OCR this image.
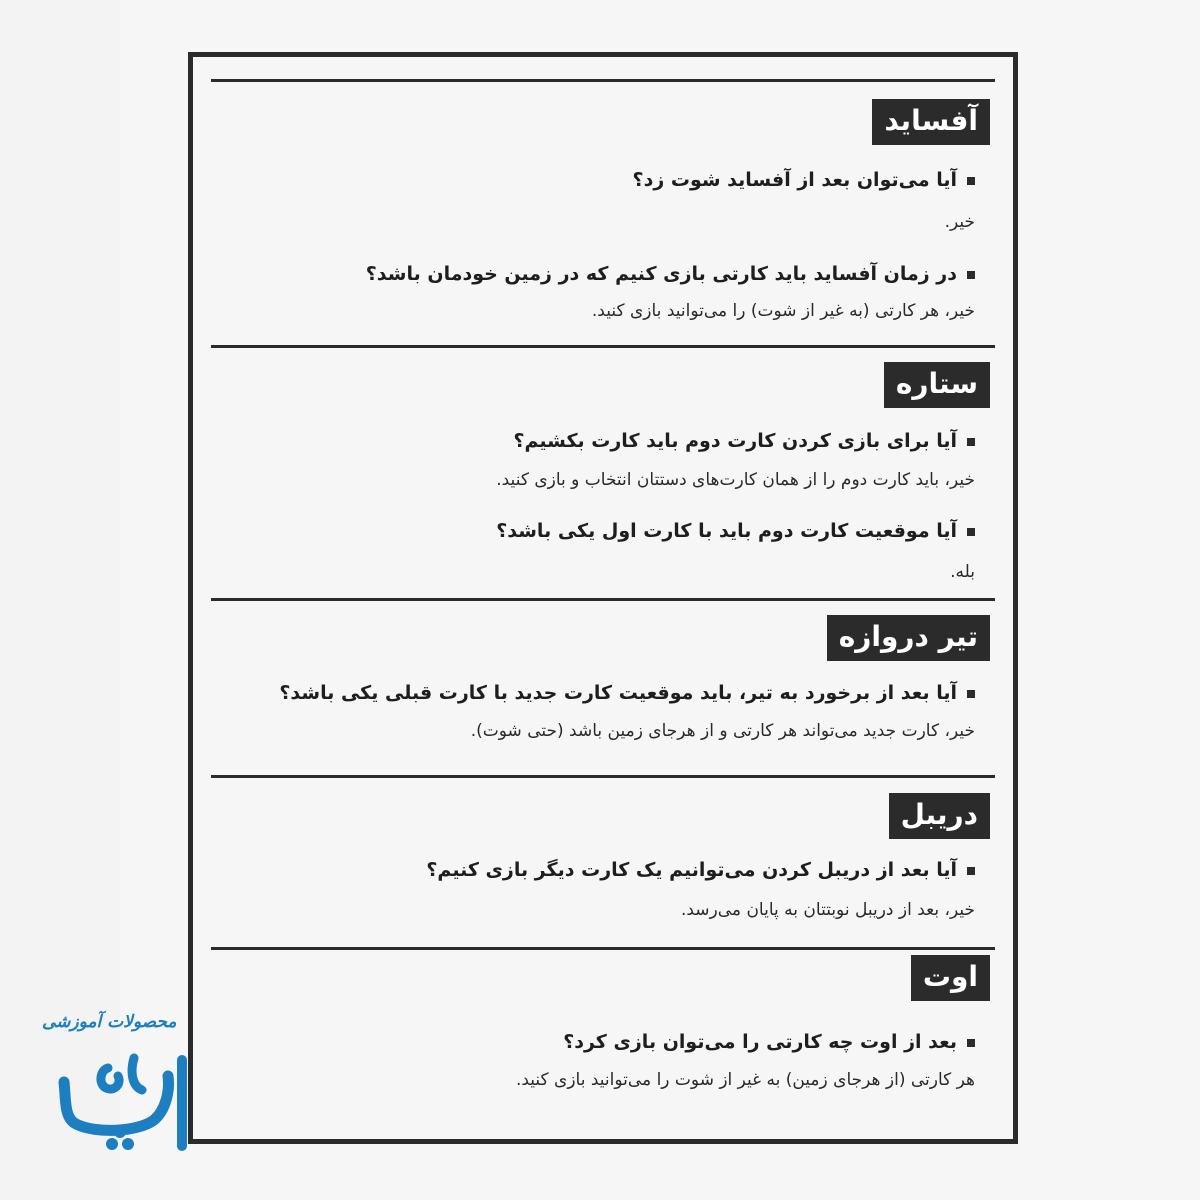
آفساید
آیا می‌توان بعد از آفساید شوت زد؟
خیر.
در زمان آفساید باید کارتی بازی کنیم که در زمین خودمان باشد؟
خیر، هر کارتی (به غیر از شوت) را می‌توانید بازی کنید.
ستاره
آیا برای بازی کردن کارت دوم باید کارت بکشیم؟
خیر، باید کارت دوم را از همان کارت‌های دستتان انتخاب و بازی کنید.
آیا موقعیت کارت دوم باید با کارت اول یکی باشد؟
بله.
تیر دروازه
آیا بعد از برخورد به تیر، باید موقعیت کارت جدید با کارت قبلی یکی باشد؟
خیر، کارت جدید می‌تواند هر کارتی و از هرجای زمین باشد (حتی شوت).
دریبل
آیا بعد از دریبل کردن می‌توانیم یک کارت دیگر بازی کنیم؟
خیر، بعد از دریبل نوبتتان به پایان می‌رسد.
اوت
بعد از اوت چه کارتی را می‌توان بازی کرد؟
هر کارتی (از هرجای زمین) به غیر از شوت را می‌توانید بازی کنید.
محصولات آموزشی
